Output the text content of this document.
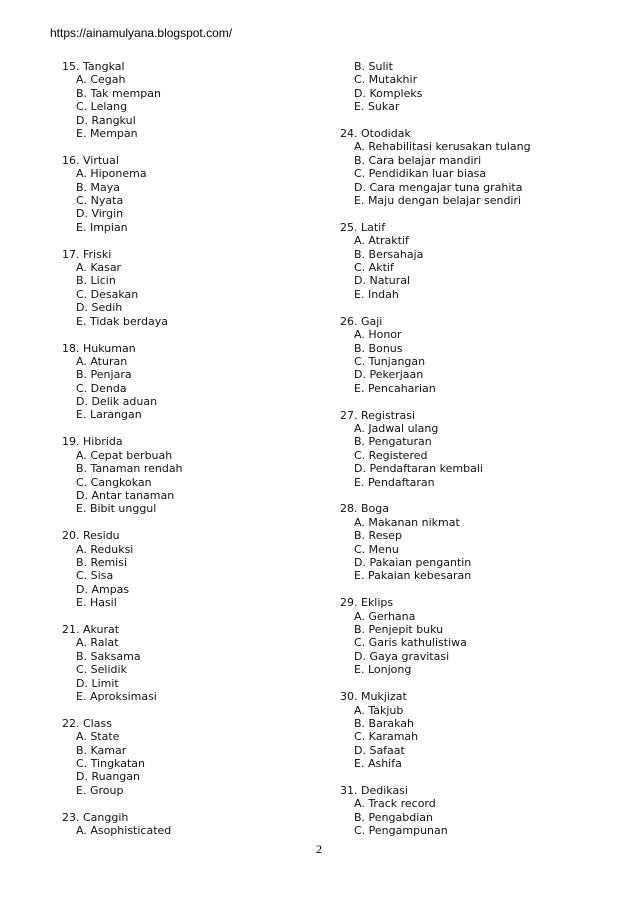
https://ainamulyana.blogspot.com/
15. Tangkal
A. Cegah
B. Tak mempan
C. Lelang
D. Rangkul
E. Mempan
16. Virtual
A. Hiponema
B. Maya
C. Nyata
D. Virgin
E. Impian
17. Friski
A. Kasar
B. Licin
C. Desakan
D. Sedih
E. Tidak berdaya
18. Hukuman
A. Aturan
B. Penjara
C. Denda
D. Delik aduan
E. Larangan
19. Hibrida
A. Cepat berbuah
B. Tanaman rendah
C. Cangkokan
D. Antar tanaman
E. Bibit unggul
20. Residu
A. Reduksi
B. Remisi
C. Sisa
D. Ampas
E. Hasil
21. Akurat
A. Ralat
B. Saksama
C. Selidik
D. Limit
E. Aproksimasi
22. Class
A. State
B. Kamar
C. Tingkatan
D. Ruangan
E. Group
23. Canggih
A. Asophisticated
B. Sulit
C. Mutakhir
D. Kompleks
E. Sukar
24. Otodidak
A. Rehabilitasi kerusakan tulang
B. Cara belajar mandiri
C. Pendidikan luar biasa
D. Cara mengajar tuna grahita
E. Maju dengan belajar sendiri
25. Latif
A. Atraktif
B. Bersahaja
C. Aktif
D. Natural
E. Indah
26. Gaji
A. Honor
B. Bonus
C. Tunjangan
D. Pekerjaan
E. Pencaharian
27. Registrasi
A. Jadwal ulang
B. Pengaturan
C. Registered
D. Pendaftaran kembali
E. Pendaftaran
28. Boga
A. Makanan nikmat
B. Resep
C. Menu
D. Pakaian pengantin
E. Pakaian kebesaran
29. Eklips
A. Gerhana
B. Penjepit buku
C. Garis kathulistiwa
D. Gaya gravitasi
E. Lonjong
30. Mukjizat
A. Takjub
B. Barakah
C. Karamah
D. Safaat
E. Ashifa
31. Dedikasi
A. Track record
B. Pengabdian
C. Pengampunan
2
